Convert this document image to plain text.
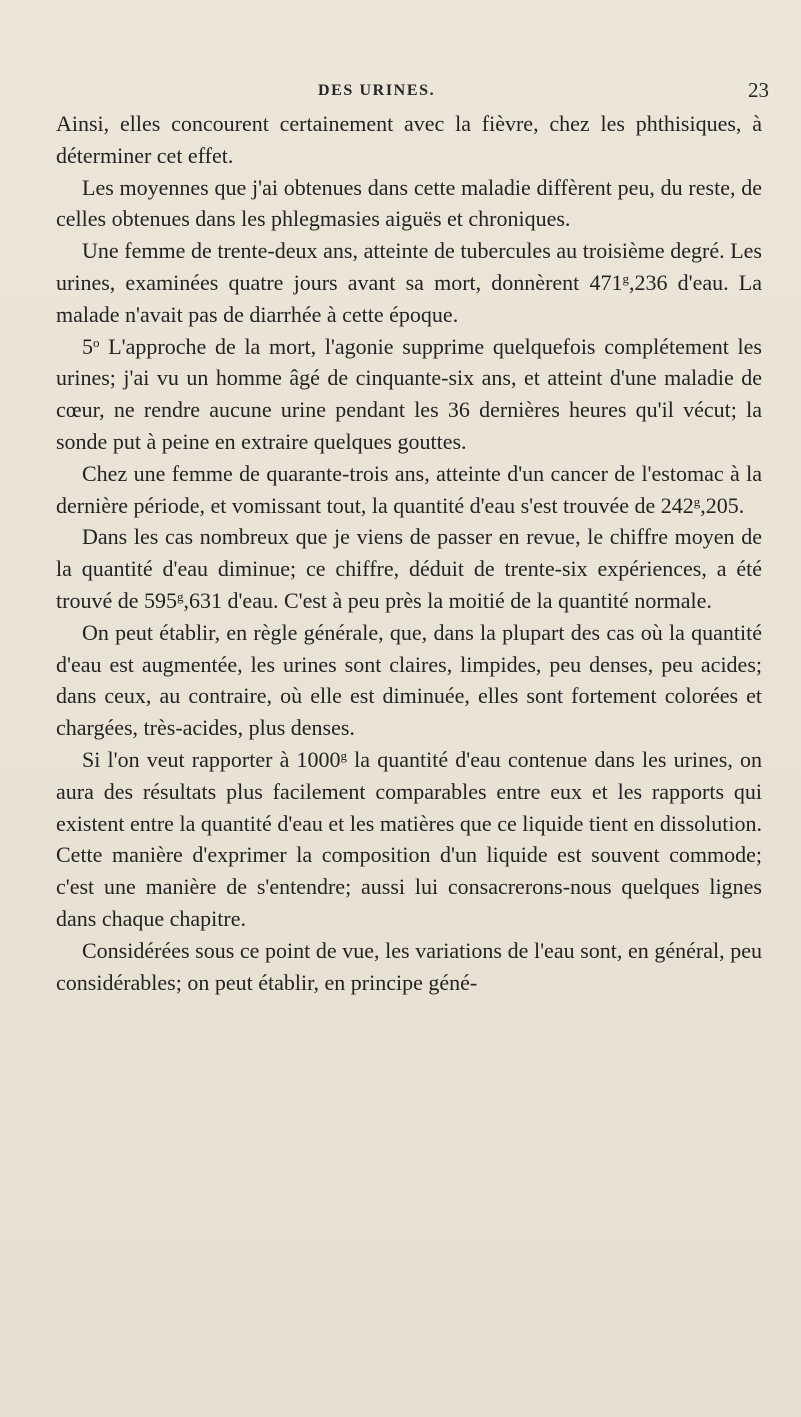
DES URINES.	23

Ainsi, elles concourent certainement avec la fièvre, chez les phthisiques, à déterminer cet effet.

Les moyennes que j'ai obtenues dans cette maladie diffèrent peu, du reste, de celles obtenues dans les phlegmasies aiguës et chroniques.

Une femme de trente-deux ans, atteinte de tubercules au troisième degré. Les urines, examinées quatre jours avant sa mort, donnèrent 471$^g$,236 d'eau. La malade n'avait pas de diarrhée à cette époque.

5$^o$ L'approche de la mort, l'agonie supprime quelquefois complétement les urines; j'ai vu un homme âgé de cinquante-six ans, et atteint d'une maladie de cœur, ne rendre aucune urine pendant les 36 dernières heures qu'il vécut; la sonde put à peine en extraire quelques gouttes.

Chez une femme de quarante-trois ans, atteinte d'un cancer de l'estomac à la dernière période, et vomissant tout, la quantité d'eau s'est trouvée de 242$^g$,205.

Dans les cas nombreux que je viens de passer en revue, le chiffre moyen de la quantité d'eau diminue; ce chiffre, déduit de trente-six expériences, a été trouvé de 595$^g$,631 d'eau. C'est à peu près la moitié de la quantité normale.

On peut établir, en règle générale, que, dans la plupart des cas où la quantité d'eau est augmentée, les urines sont claires, limpides, peu denses, peu acides; dans ceux, au contraire, où elle est diminuée, elles sont fortement colorées et chargées, très-acides, plus denses.

Si l'on veut rapporter à 1000$^g$ la quantité d'eau contenue dans les urines, on aura des résultats plus facilement comparables entre eux et les rapports qui existent entre la quantité d'eau et les matières que ce liquide tient en dissolution. Cette manière d'exprimer la composition d'un liquide est souvent commode; c'est une manière de s'entendre; aussi lui consacrerons-nous quelques lignes dans chaque chapitre.

Considérées sous ce point de vue, les variations de l'eau sont, en général, peu considérables; on peut établir, en principe géné-
